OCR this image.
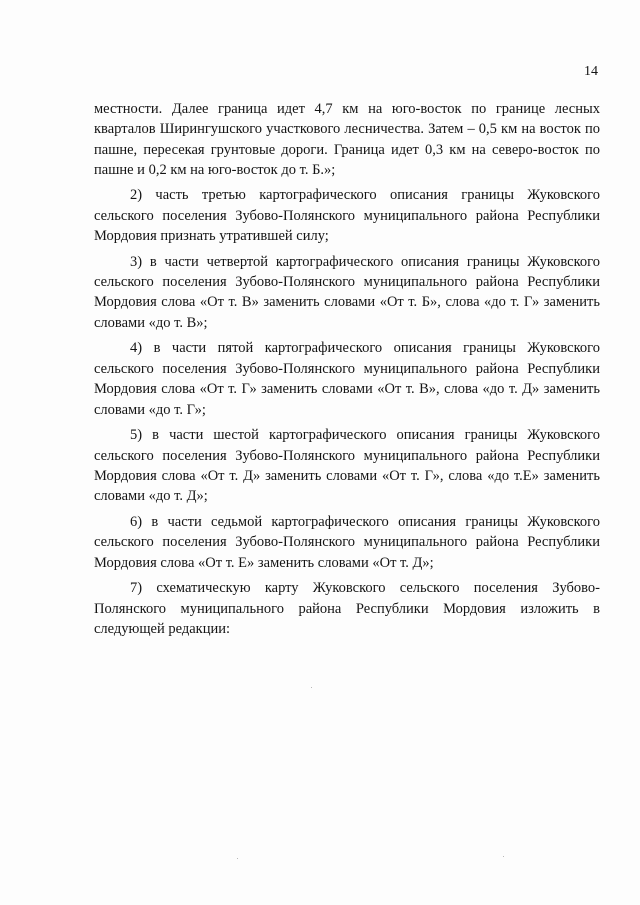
14

местности. Далее граница идет 4,7 км на юго-восток по границе лесных кварталов Ширингушского участкового лесничества. Затем – 0,5 км на восток по пашне, пересекая грунтовые дороги. Граница идет 0,3 км на северо-восток по пашне и 0,2 км на юго-восток до т. Б.»;

2) часть третью картографического описания границы Жуковского сельского поселения Зубово-Полянского муниципального района Республики Мордовия признать утратившей силу;

3) в части четвертой картографического описания границы Жуковского сельского поселения Зубово-Полянского муниципального района Республики Мордовия слова «От т. В» заменить словами «От т. Б», слова «до т. Г» заменить словами «до т. В»;

4) в части пятой картографического описания границы Жуковского сельского поселения Зубово-Полянского муниципального района Республики Мордовия слова «От т. Г» заменить словами «От т. В», слова «до т. Д» заменить словами «до т. Г»;

5) в части шестой картографического описания границы Жуковского сельского поселения Зубово-Полянского муниципального района Республики Мордовия слова «От т. Д» заменить словами «От т. Г», слова «до т.Е» заменить словами «до т. Д»;

6) в части седьмой картографического описания границы Жуковского сельского поселения Зубово-Полянского муниципального района Республики Мордовия слова «От т. Е» заменить словами «От т. Д»;

7) схематическую карту Жуковского сельского поселения Зубово-Полянского муниципального района Республики Мордовия изложить в следующей редакции:
